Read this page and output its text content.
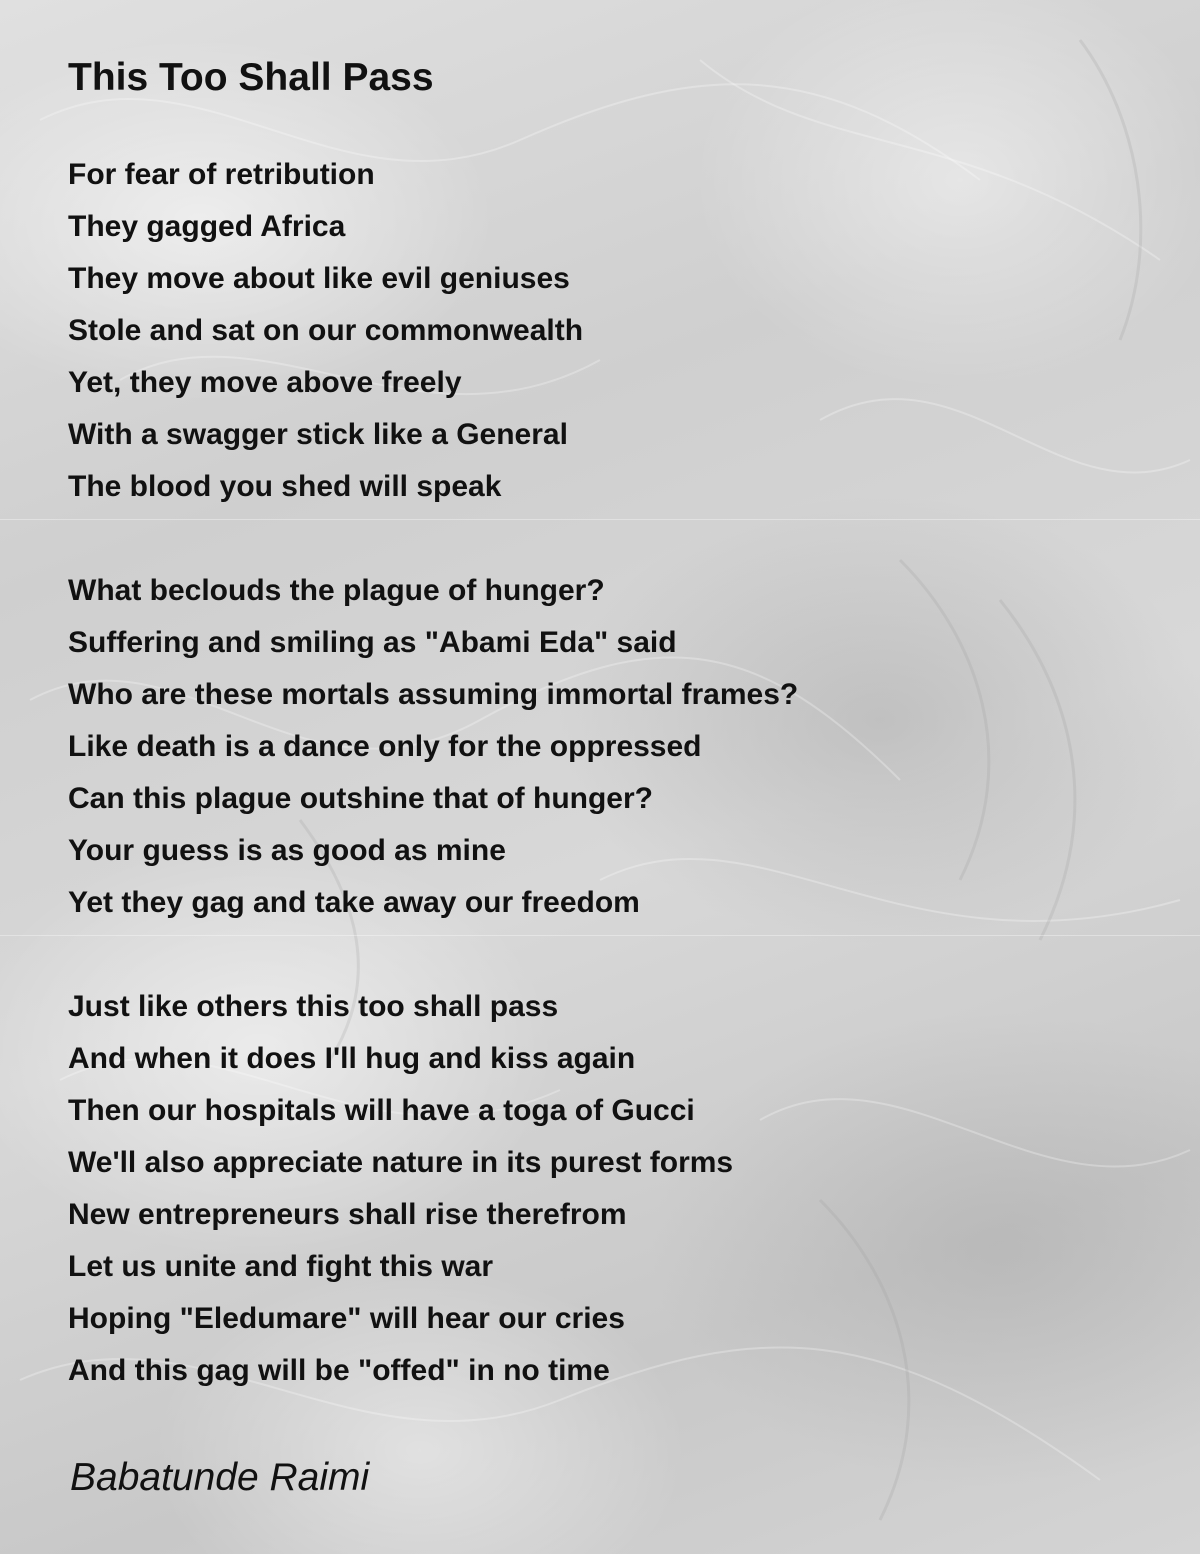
This Too Shall Pass
For fear of retribution
They gagged Africa
They move about like evil geniuses
Stole and sat on our commonwealth
Yet, they move above freely
With a swagger stick like a General
The blood you shed will speak
What beclouds the plague of hunger?
Suffering and smiling as "Abami Eda" said
Who are these mortals assuming immortal frames?
Like death is a dance only for the oppressed
Can this plague outshine that of hunger?
Your guess is as good as mine
Yet they gag and take away our freedom
Just like others this too shall pass
And when it does I'll hug and kiss again
Then our hospitals will have a toga of Gucci
We'll also appreciate nature in its purest forms
New entrepreneurs shall rise therefrom
Let us unite and fight this war
Hoping "Eledumare" will hear our cries
And this gag will be "offed" in no time
Babatunde Raimi
